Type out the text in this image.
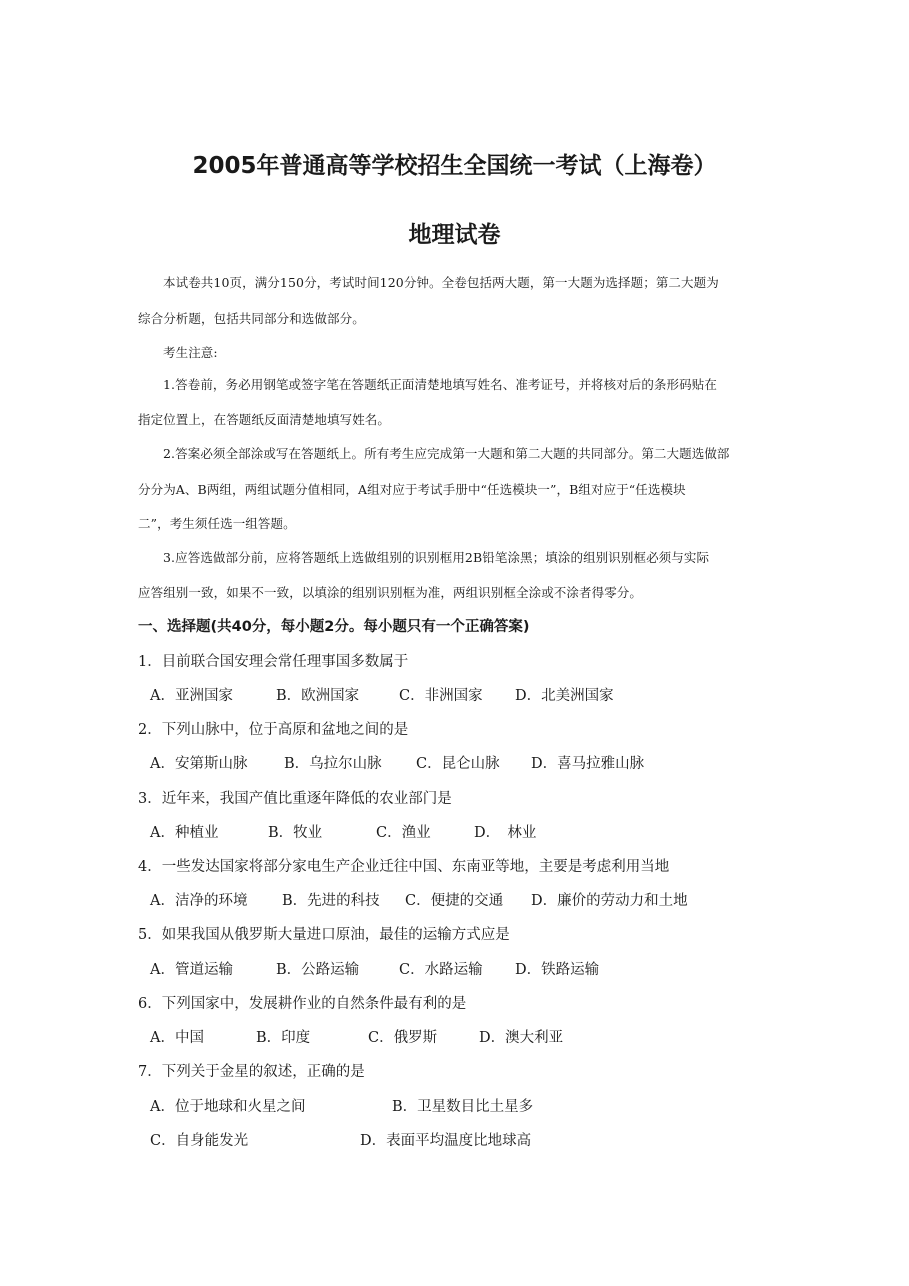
2005年普通高等学校招生全国统一考试（上海卷）
地理试卷
本试卷共10页，满分150分，考试时间120分钟。全卷包括两大题，第一大题为选择题；第二大题为
综合分析题，包括共同部分和选做部分。
考生注意:
1.答卷前，务必用钢笔或签字笔在答题纸正面清楚地填写姓名、准考证号，并将核对后的条形码贴在
指定位置上，在答题纸反面清楚地填写姓名。
2.答案必须全部涂或写在答题纸上。所有考生应完成第一大题和第二大题的共同部分。第二大题选做部
分分为A、B两组，两组试题分值相同，A组对应于考试手册中“任选模块一”，B组对应于“任选模块
二”，考生须任选一组答题。
3.应答选做部分前，应将答题纸上选做组别的识别框用2B铅笔涂黑；填涂的组别识别框必须与实际
应答组别一致，如果不一致，以填涂的组别识别框为准，两组识别框全涂或不涂者得零分。
一、选择题(共40分，每小题2分。每小题只有一个正确答案)
1．目前联合国安理会常任理事国多数属于
A．亚洲国家	B．欧洲国家	C．非洲国家 D．北美洲国家
2．下列山脉中，位于高原和盆地之间的是
A．安第斯山脉	B．乌拉尔山脉 C．昆仑山脉 D．喜马拉雅山脉
3．近年来，我国产值比重逐年降低的农业部门是
A．种植业	B．牧业	C．渔业	D．　林业
4．一些发达国家将部分家电生产企业迁往中国、东南亚等地，主要是考虑利用当地
A．洁净的环境 B．先进的科技 C．便捷的交通 D．廉价的劳动力和土地
5．如果我国从俄罗斯大量进口原油，最佳的运输方式应是
A．管道运输	B．公路运输	C．水路运输 D．铁路运输
6．下列国家中，发展耕作业的自然条件最有利的是
A．中国	B．印度	C．俄罗斯	D．澳大利亚
7．下列关于金星的叙述，正确的是
A．位于地球和火星之间	B．卫星数目比土星多
C．自身能发光	D．表面平均温度比地球高
